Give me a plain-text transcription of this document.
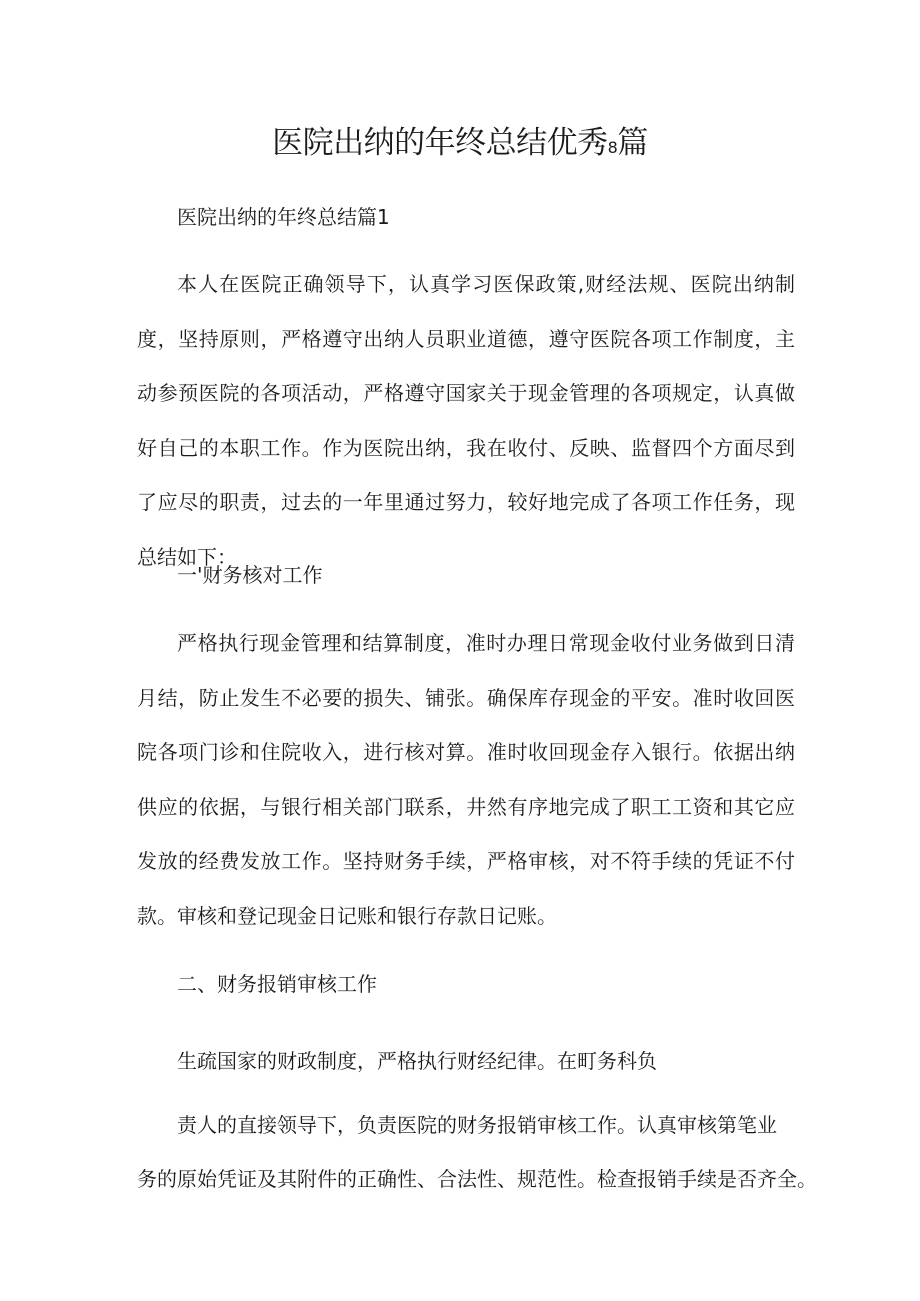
医院出纳的年终总结优秀8篇

医院出纳的年终总结篇1

本人在医院正确领导下，认真学习医保政策,财经法规、医院出纳制度，坚持原则，严格遵守出纳人员职业道德，遵守医院各项工作制度，主动参预医院的各项活动，严格遵守国家关于现金管理的各项规定，认真做好自己的本职工作。作为医院出纳，我在收付、反映、监督四个方面尽到了应尽的职责，过去的一年里通过努力，较好地完成了各项工作任务，现总结如下：

一'财务核对工作

严格执行现金管理和结算制度，准时办理日常现金收付业务做到日清月结，防止发生不必要的损失、铺张。确保库存现金的平安。准时收回医院各项门诊和住院收入，进行核对算。准时收回现金存入银行。依据出纳供应的依据，与银行相关部门联系，井然有序地完成了职工工资和其它应发放的经费发放工作。坚持财务手续，严格审核，对不符手续的凭证不付款。审核和登记现金日记账和银行存款日记账。

二、财务报销审核工作

生疏国家的财政制度，严格执行财经纪律。在町务科负

责人的直接领导下，负责医院的财务报销审核工作。认真审核第笔业

务的原始凭证及其附件的正确性、合法性、规范性。检查报销手续是否齐全。
